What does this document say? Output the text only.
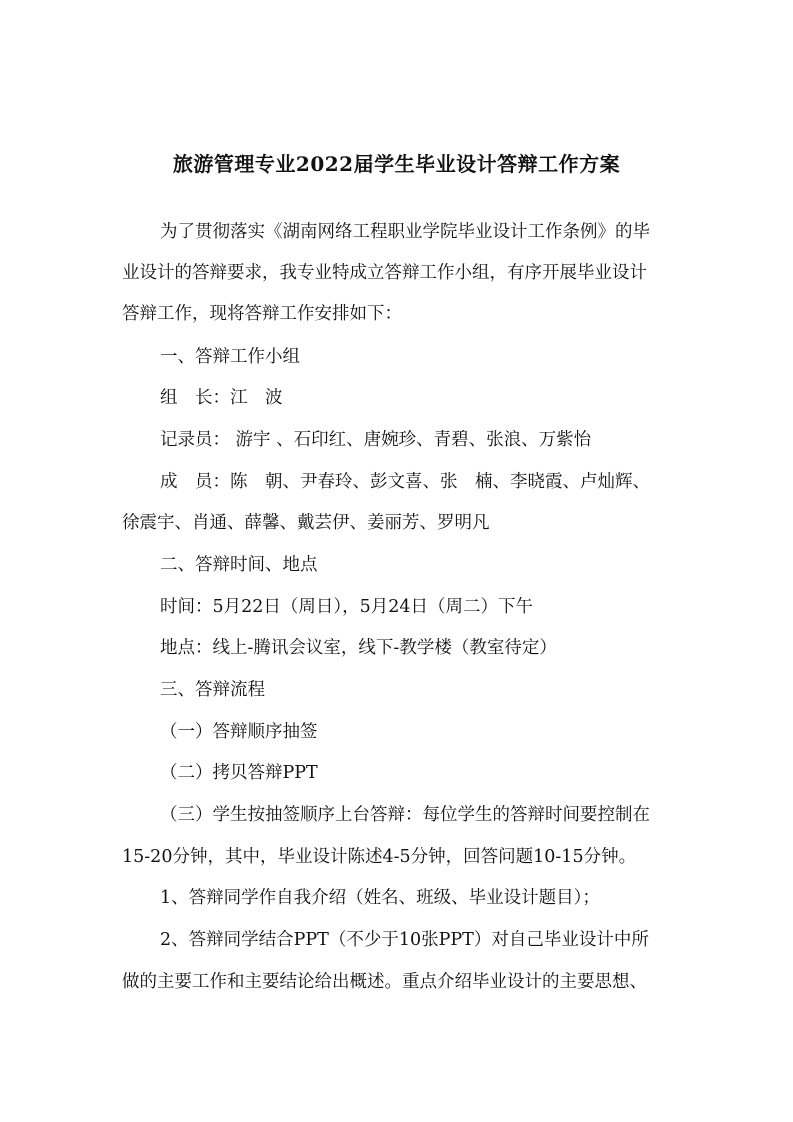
旅游管理专业2022届学生毕业设计答辩工作方案
为了贯彻落实《湖南网络工程职业学院毕业设计工作条例》的毕
业设计的答辩要求，我专业特成立答辩工作小组，有序开展毕业设计
答辩工作，现将答辩工作安排如下：
一、答辩工作小组
组　长：江　波
记录员： 游宇 、石印红、唐婉珍、青碧、张浪、万紫怡
成　员：陈　朝、尹春玲、彭文喜、张　楠、李晓霞、卢灿辉、
徐震宇、肖通、薛馨、戴芸伊、姜丽芳、罗明凡
二、答辩时间、地点
时间：5月22日（周日），5月24日（周二）下午
地点：线上-腾讯会议室，线下-教学楼（教室待定）
三、答辩流程
（一）答辩顺序抽签
（二）拷贝答辩PPT
（三）学生按抽签顺序上台答辩：每位学生的答辩时间要控制在
15-20分钟，其中，毕业设计陈述4-5分钟，回答问题10-15分钟。
1、答辩同学作自我介绍（姓名、班级、毕业设计题目）；
2、答辩同学结合PPT（不少于10张PPT）对自己毕业设计中所
做的主要工作和主要结论给出概述。重点介绍毕业设计的主要思想、
